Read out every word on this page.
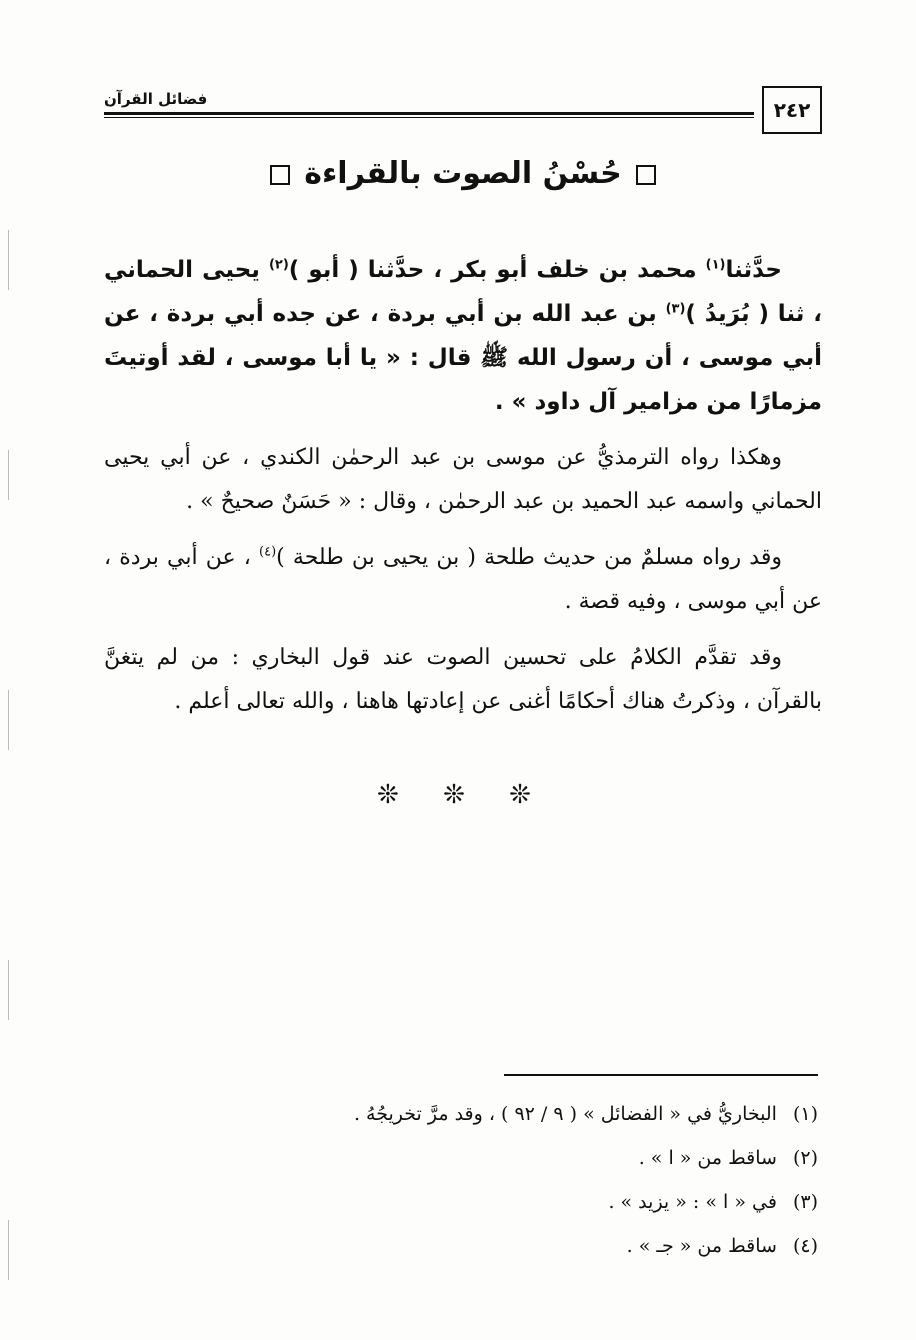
فضائل القرآن	٢٤٢
حُسْنُ الصوت بالقراءة

حدَّثنا$^{(١)}$ محمد بن خلف أبو بكر ، حدَّثنا ( أبو )$^{(٢)}$ يحيى الحماني ، ثنا ( بُرَيدُ )$^{(٣)}$ بن عبد الله بن أبي بردة ، عن جده أبي بردة ، عن أبي موسى ، أن رسول الله ﷺ قال : « يا أبا موسى ، لقد أوتيتَ مزمارًا من مزامير آل داود » .

وهكذا رواه الترمذيُّ عن موسى بن عبد الرحمٰن الكندي ، عن أبي يحيى الحماني واسمه عبد الحميد بن عبد الرحمٰن ، وقال : « حَسَنٌ صحيحٌ » .

وقد رواه مسلمٌ من حديث طلحة ( بن يحيى بن طلحة )$^{(٤)}$ ، عن أبي بردة ، عن أبي موسى ، وفيه قصة .

وقد تقدَّم الكلامُ على تحسين الصوت عند قول البخاري : من لم يتغنَّ بالقرآن ، وذكرتُ هناك أحكامًا أغنى عن إعادتها هاهنا ، والله تعالى أعلم .

❊ ❊ ❊
(١)البخاريُّ في « الفضائل » ( ٩ / ٩٢ ) ، وقد مرَّ تخريجُهُ .
(٢)ساقط من « ا » .
(٣)في « ا » : « يزيد » .
(٤)ساقط من « جـ » .
